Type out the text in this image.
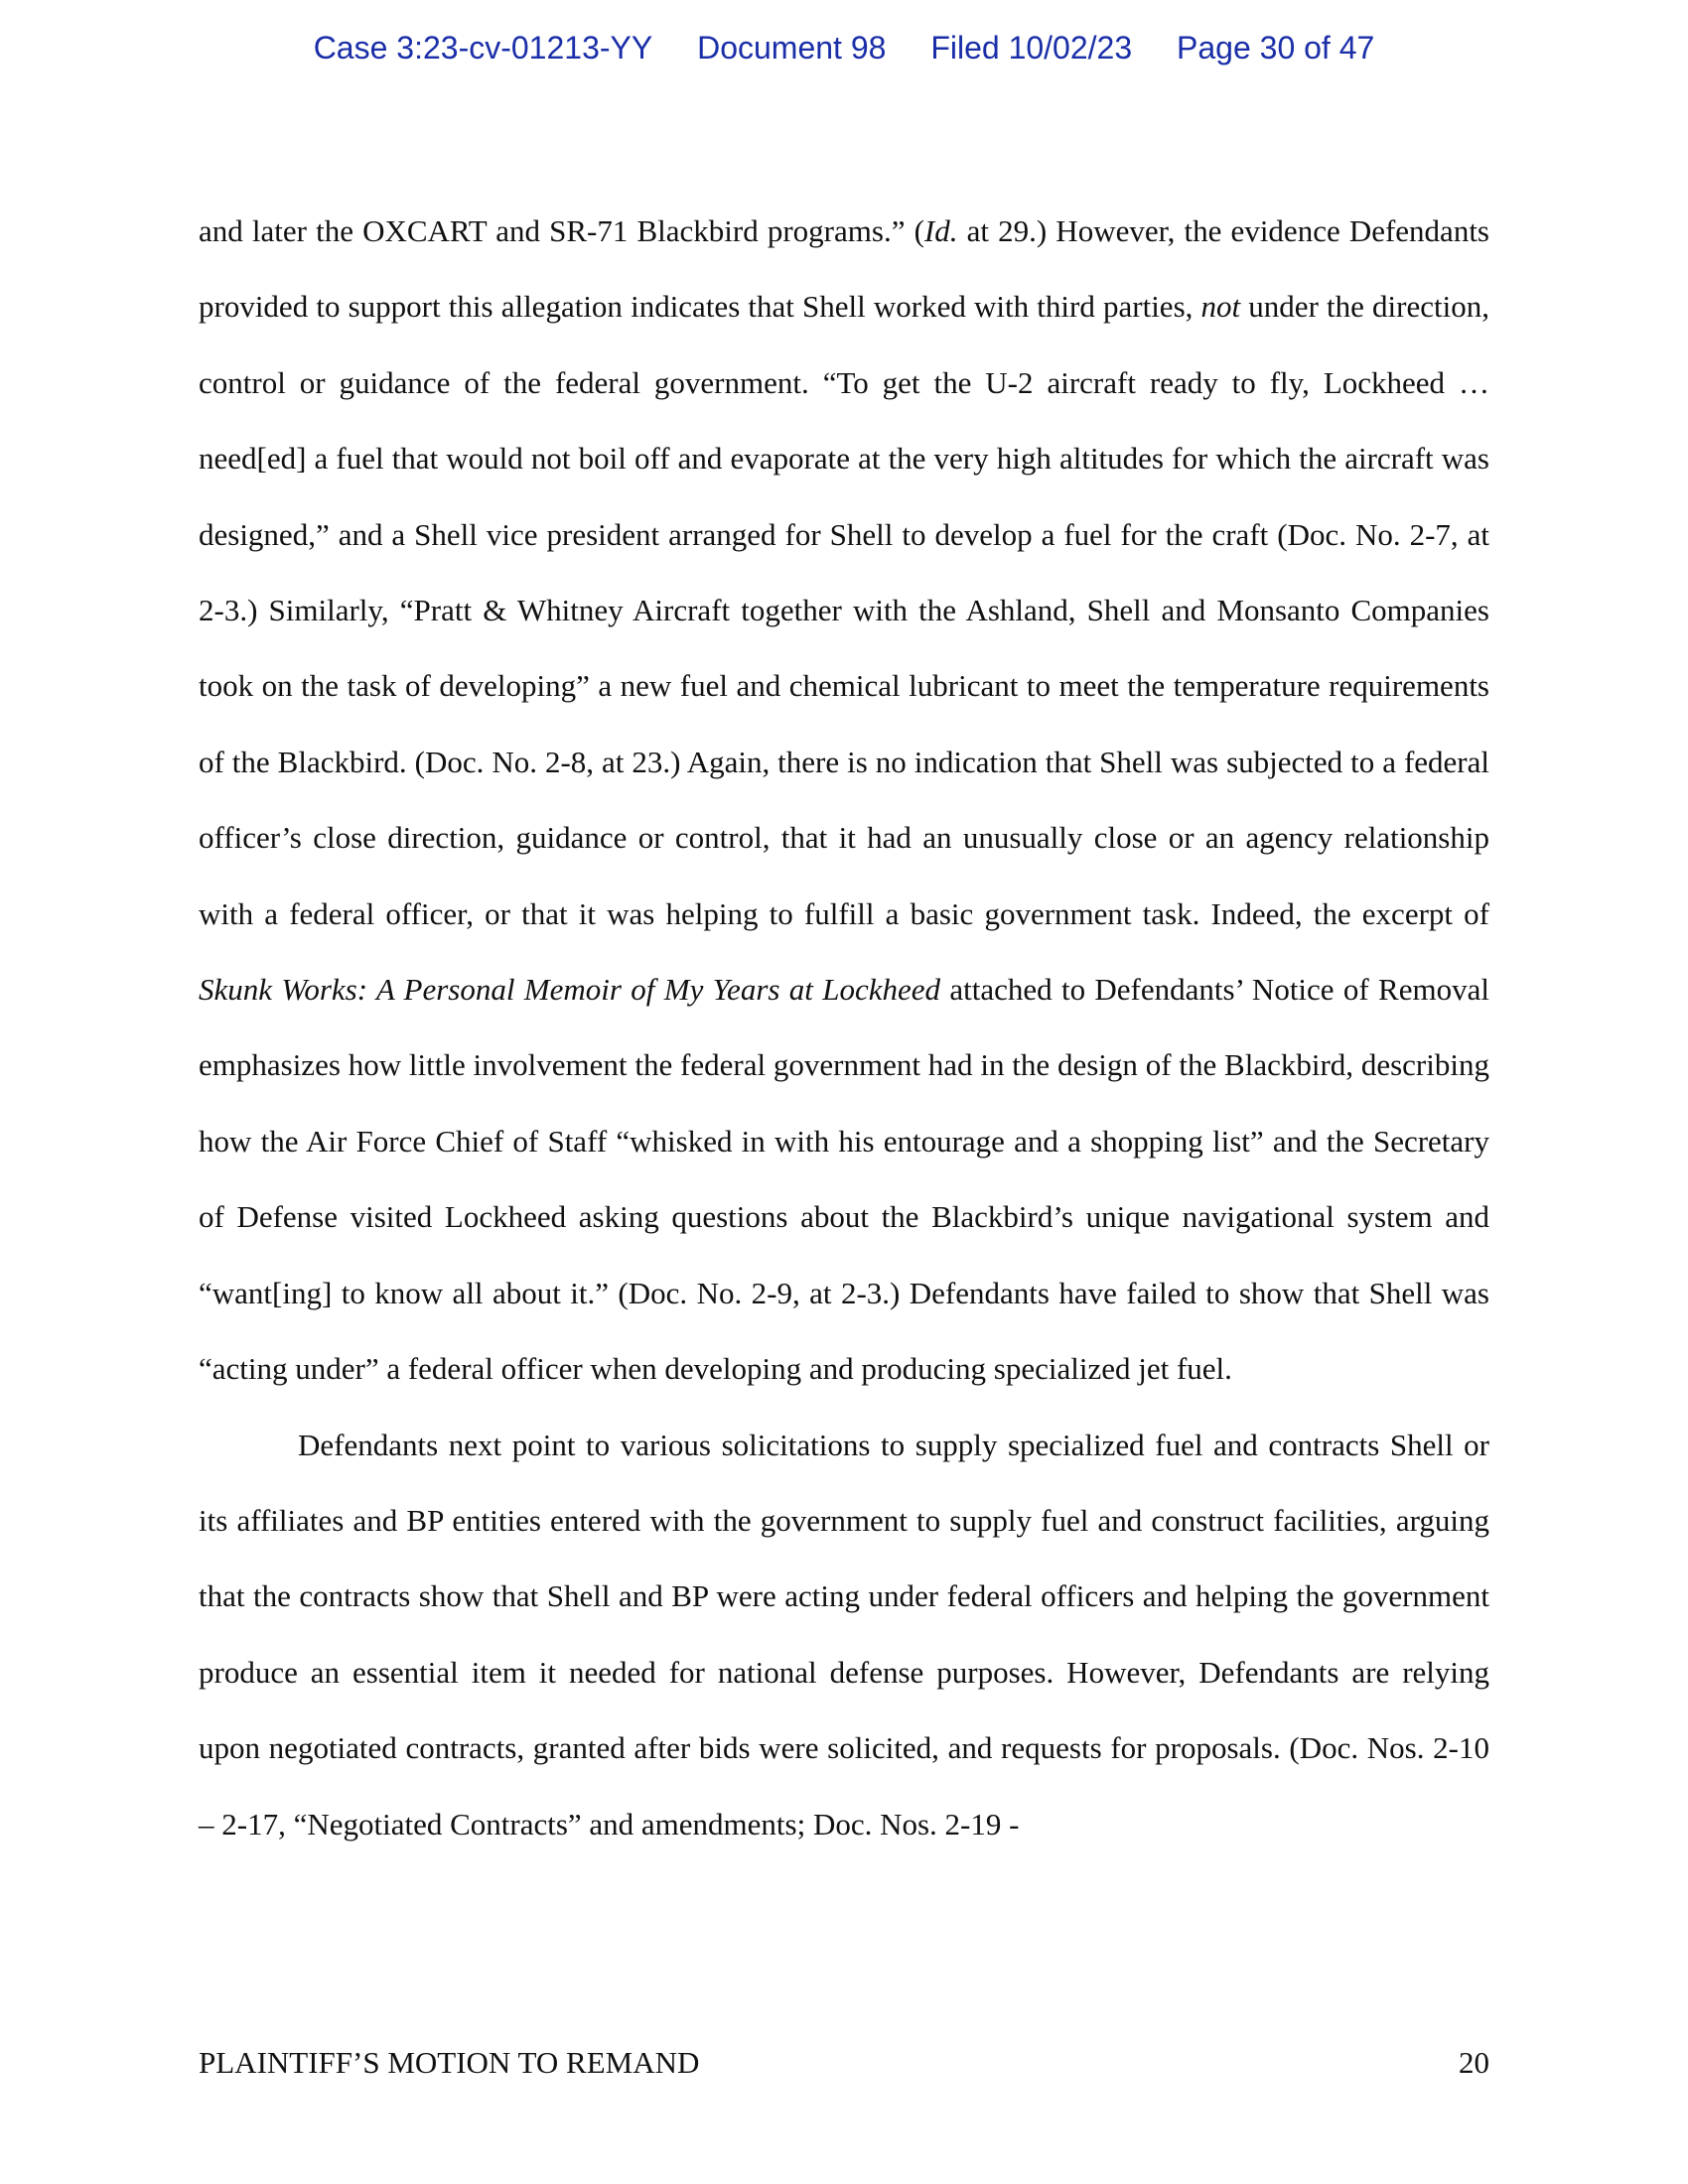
Case 3:23-cv-01213-YY Document 98 Filed 10/02/23 Page 30 of 47

and later the OXCART and SR-71 Blackbird programs.” (Id. at 29.) However, the evidence Defendants provided to support this allegation indicates that Shell worked with third parties, not under the direction, control or guidance of the federal government. “To get the U-2 aircraft ready to fly, Lockheed … need[ed] a fuel that would not boil off and evaporate at the very high altitudes for which the aircraft was designed,” and a Shell vice president arranged for Shell to develop a fuel for the craft (Doc. No. 2-7, at 2-3.) Similarly, “Pratt & Whitney Aircraft together with the Ashland, Shell and Monsanto Companies took on the task of developing” a new fuel and chemical lubricant to meet the temperature requirements of the Blackbird. (Doc. No. 2-8, at 23.) Again, there is no indication that Shell was subjected to a federal officer’s close direction, guidance or control, that it had an unusually close or an agency relationship with a federal officer, or that it was helping to fulfill a basic government task. Indeed, the excerpt of Skunk Works: A Personal Memoir of My Years at Lockheed attached to Defendants’ Notice of Removal emphasizes how little involvement the federal government had in the design of the Blackbird, describing how the Air Force Chief of Staff “whisked in with his entourage and a shopping list” and the Secretary of Defense visited Lockheed asking questions about the Blackbird’s unique navigational system and “want[ing] to know all about it.” (Doc. No. 2-9, at 2-3.) Defendants have failed to show that Shell was “acting under” a federal officer when developing and producing specialized jet fuel.

Defendants next point to various solicitations to supply specialized fuel and contracts Shell or its affiliates and BP entities entered with the government to supply fuel and construct facilities, arguing that the contracts show that Shell and BP were acting under federal officers and helping the government produce an essential item it needed for national defense purposes. However, Defendants are relying upon negotiated contracts, granted after bids were solicited, and requests for proposals. (Doc. Nos. 2-10 – 2-17, “Negotiated Contracts” and amendments; Doc. Nos. 2-19 -

PLAINTIFF’S MOTION TO REMAND	20
